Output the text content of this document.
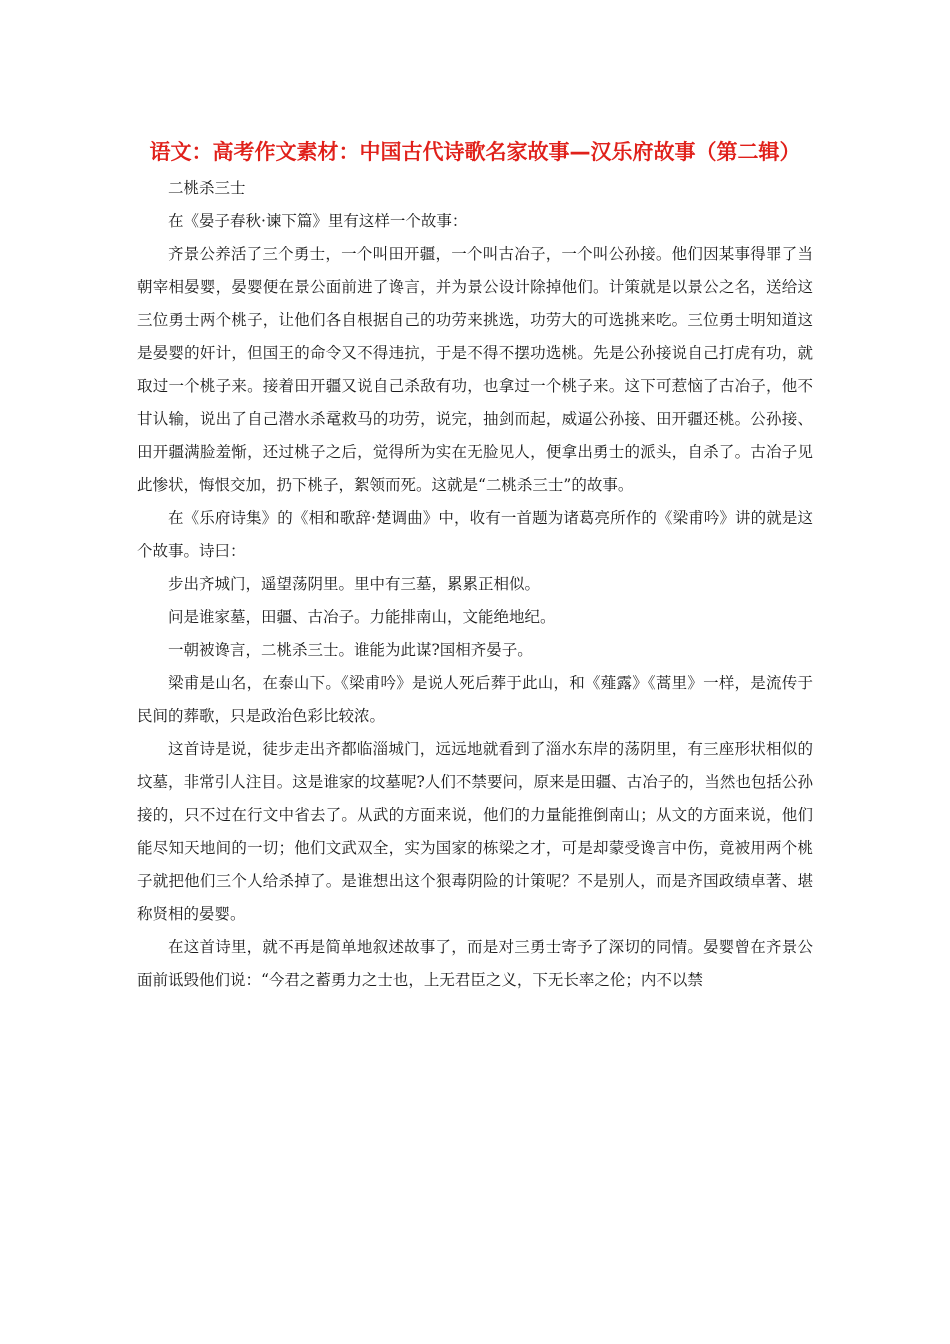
语文：高考作文素材：中国古代诗歌名家故事—汉乐府故事（第二辑）

二桃杀三士

在《晏子春秋·谏下篇》里有这样一个故事：

齐景公养活了三个勇士，一个叫田开疆，一个叫古冶子，一个叫公孙接。他们因某事得罪了当朝宰相晏婴，晏婴便在景公面前进了谗言，并为景公设计除掉他们。计策就是以景公之名，送给这三位勇士两个桃子，让他们各自根据自己的功劳来挑选，功劳大的可选挑来吃。三位勇士明知道这是晏婴的奸计，但国王的命令又不得违抗，于是不得不摆功选桃。先是公孙接说自己打虎有功，就取过一个桃子来。接着田开疆又说自己杀敌有功，也拿过一个桃子来。这下可惹恼了古冶子，他不甘认输，说出了自己潜水杀鼋救马的功劳，说完，抽剑而起，威逼公孙接、田开疆还桃。公孙接、田开疆满脸羞惭，还过桃子之后，觉得所为实在无脸见人，便拿出勇士的派头，自杀了。古冶子见此惨状，悔恨交加，扔下桃子，絮领而死。这就是“二桃杀三士”的故事。

在《乐府诗集》的《相和歌辞·楚调曲》中，收有一首题为诸葛亮所作的《梁甫吟》讲的就是这个故事。诗曰：

步出齐城门，遥望荡阴里。里中有三墓，累累正相似。

问是谁家墓，田疆、古冶子。力能排南山，文能绝地纪。

一朝被谗言，二桃杀三士。谁能为此谋?国相齐晏子。

梁甫是山名，在泰山下。《梁甫吟》是说人死后葬于此山，和《薤露》《蒿里》一样，是流传于民间的葬歌，只是政治色彩比较浓。

这首诗是说，徒步走出齐都临淄城门，远远地就看到了淄水东岸的荡阴里，有三座形状相似的坟墓，非常引人注目。这是谁家的坟墓呢?人们不禁要问，原来是田疆、古冶子的，当然也包括公孙接的，只不过在行文中省去了。从武的方面来说，他们的力量能推倒南山；从文的方面来说，他们能尽知天地间的一切；他们文武双全，实为国家的栋梁之才，可是却蒙受谗言中伤，竟被用两个桃子就把他们三个人给杀掉了。是谁想出这个狠毒阴险的计策呢？不是别人，而是齐国政绩卓著、堪称贤相的晏婴。

在这首诗里，就不再是简单地叙述故事了，而是对三勇士寄予了深切的同情。晏婴曾在齐景公面前诋毁他们说：“今君之蓄勇力之士也，上无君臣之义，下无长率之伦；内不以禁
